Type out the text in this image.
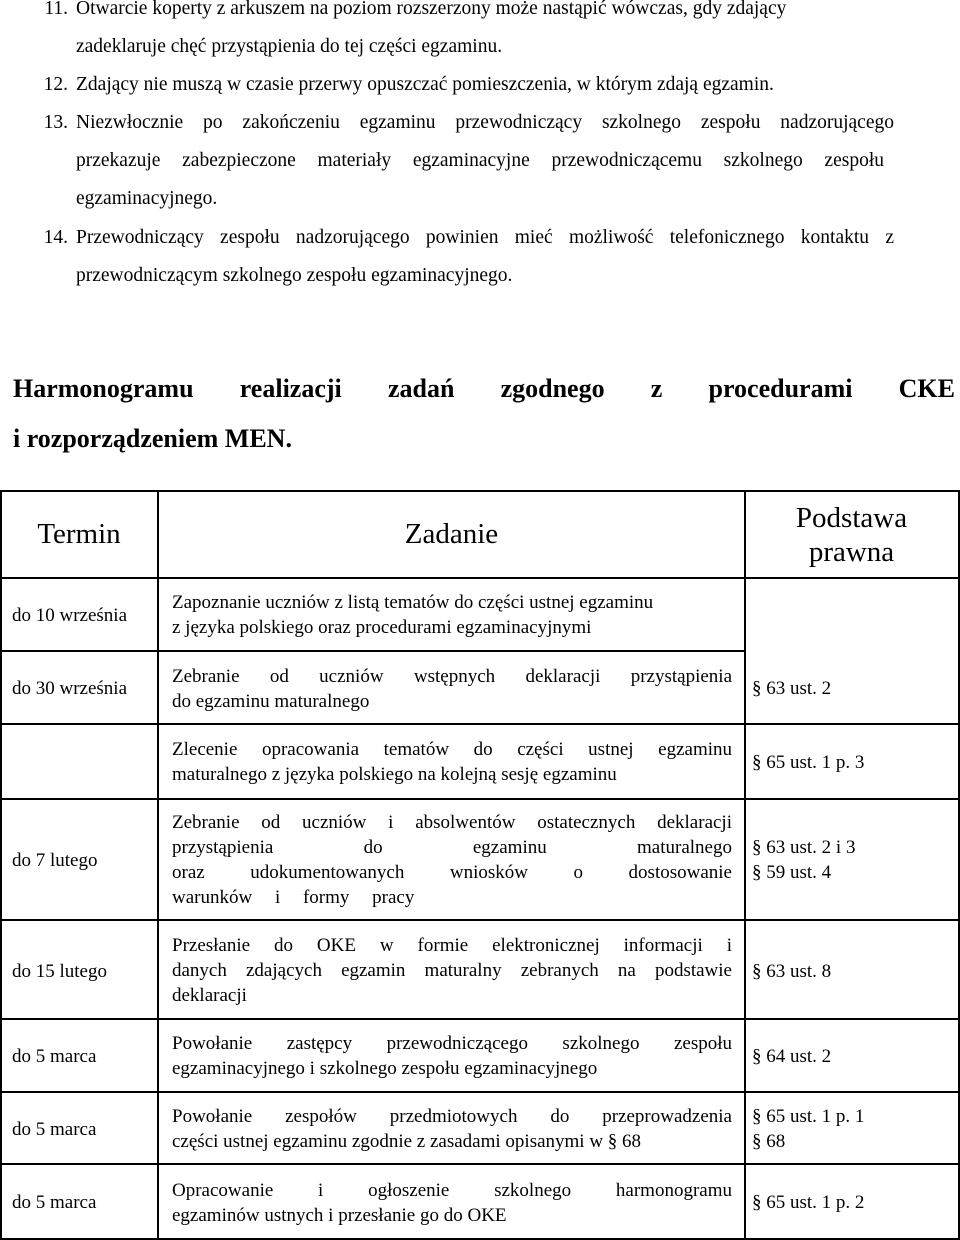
11. Otwarcie koperty z arkuszem na poziom rozszerzony może nastąpić wówczas, gdy zdający
zadeklaruje chęć przystąpienia do tej części egzaminu.
12. Zdający nie muszą w czasie przerwy opuszczać pomieszczenia, w którym zdają egzamin.
13. Niezwłocznie po zakończeniu egzaminu przewodniczący szkolnego zespołu nadzorującego
przekazuje zabezpieczone materiały egzaminacyjne przewodniczącemu szkolnego zespołu
egzaminacyjnego.
14. Przewodniczący zespołu nadzorującego powinien mieć możliwość telefonicznego kontaktu z
przewodniczącym szkolnego zespołu egzaminacyjnego.
Harmonogramu realizacji zadań zgodnego z procedurami CKE
i rozporządzeniem MEN.
Termin	Zadanie	Podstawa
prawna
do 10 września
Zapoznanie uczniów z listą tematów do części ustnej egzaminu
z języka polskiego oraz procedurami egzaminacyjnymi
do 30 września
Zebranie od uczniów wstępnych deklaracji przystąpienia
do egzaminu maturalnego
§ 63 ust. 2
Zlecenie opracowania tematów do części ustnej egzaminu
maturalnego z języka polskiego na kolejną sesję egzaminu
§ 65 ust. 1 p. 3
do 7 lutego
Zebranie od uczniów i absolwentów ostatecznych deklaracji
przystąpienia do egzaminu maturalnego
oraz udokumentowanych wniosków o dostosowanie
warunków i formy pracy
§ 63 ust. 2 i 3
§ 59 ust. 4
do 15 lutego
Przesłanie do OKE w formie elektronicznej informacji i
danych zdających egzamin maturalny zebranych na podstawie
deklaracji
§ 63 ust. 8
do 5 marca
Powołanie zastępcy przewodniczącego szkolnego zespołu
egzaminacyjnego i szkolnego zespołu egzaminacyjnego
§ 64 ust. 2
do 5 marca
Powołanie zespołów przedmiotowych do przeprowadzenia
części ustnej egzaminu zgodnie z zasadami opisanymi w § 68
§ 65 ust. 1 p. 1
§ 68
do 5 marca
Opracowanie i ogłoszenie szkolnego harmonogramu
egzaminów ustnych i przesłanie go do OKE
§ 65 ust. 1 p. 2
